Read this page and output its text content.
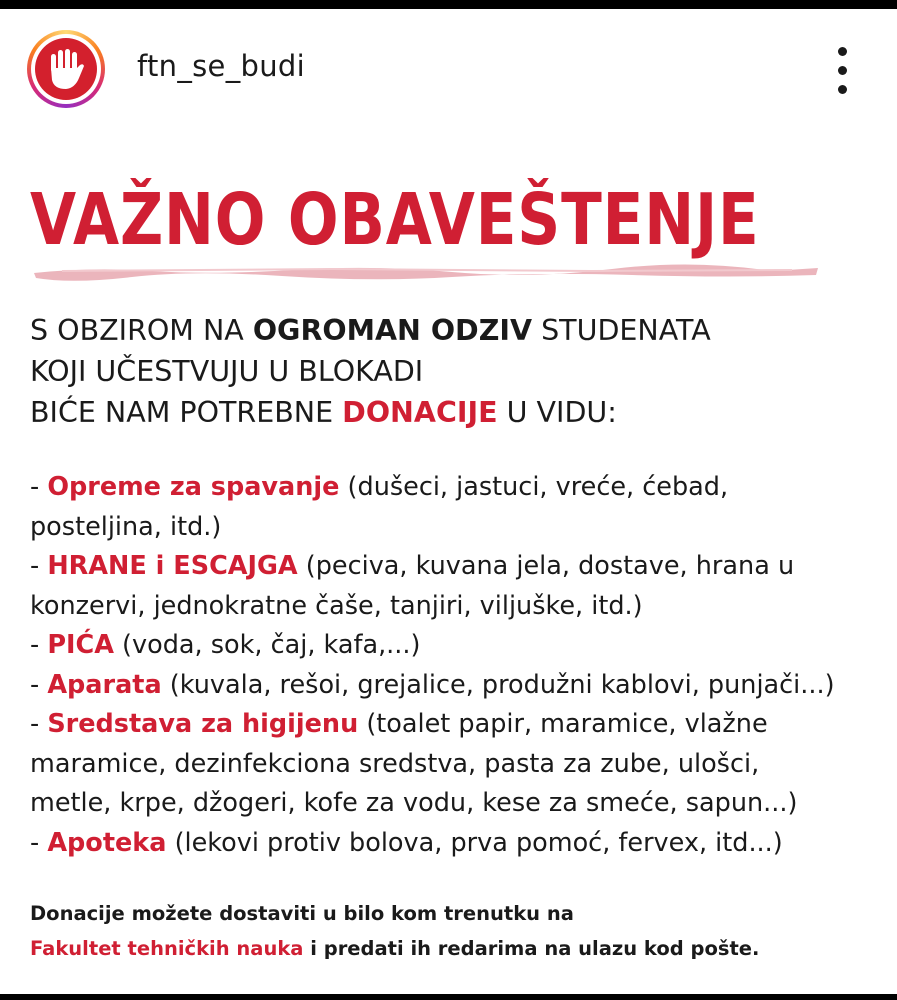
ftn_se_budi
VAŽNO OBAVEŠTENJE
S OBZIROM NA OGROMAN ODZIV STUDENATA
KOJI UČESTVUJU U BLOKADI
BIĆE NAM POTREBNE DONACIJE U VIDU:
- Opreme za spavanje (dušeci, jastuci, vreće, ćebad,
posteljina, itd.)
- HRANE i ESCAJGA (peciva, kuvana jela, dostave, hrana u
konzervi, jednokratne čaše, tanjiri, viljuške, itd.)
- PIĆA (voda, sok, čaj, kafa,...)
- Aparata (kuvala, rešoi, grejalice, produžni kablovi, punjači...)
- Sredstava za higijenu (toalet papir, maramice, vlažne
maramice, dezinfekciona sredstva, pasta za zube, ulošci,
metle, krpe, džogeri, kofe za vodu, kese za smeće, sapun...)
- Apoteka (lekovi protiv bolova, prva pomoć, fervex, itd...)
Donacije možete dostaviti u bilo kom trenutku na
Fakultet tehničkih nauka i predati ih redarima na ulazu kod pošte.
